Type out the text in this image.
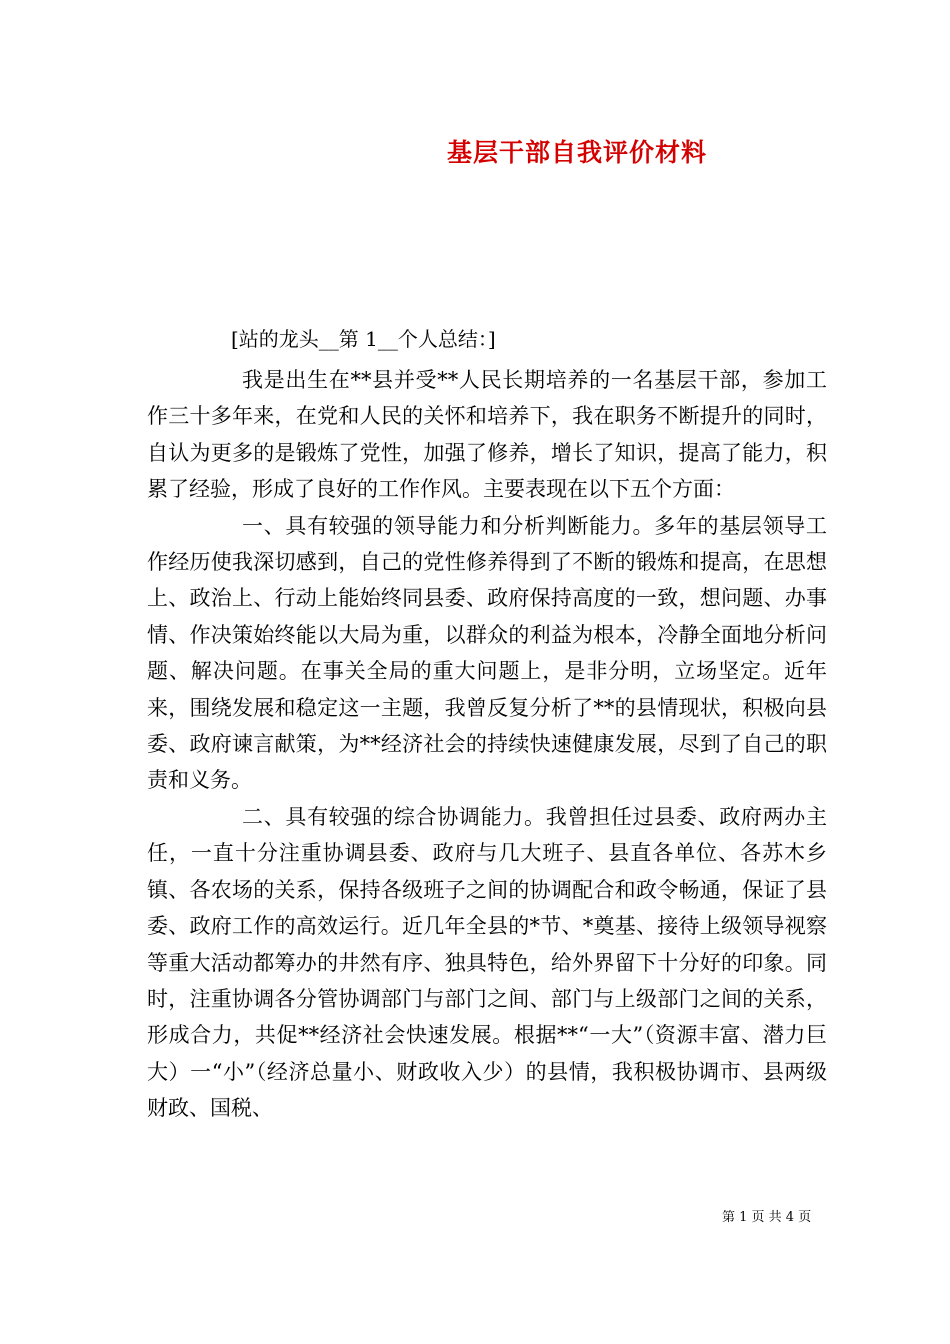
基层干部自我评价材料
[站的龙头__第 1__个人总结：]

我是出生在**县并受**人民长期培养的一名基层干部，参加工作三十多年来，在党和人民的关怀和培养下，我在职务不断提升的同时，自认为更多的是锻炼了党性，加强了修养，增长了知识，提高了能力，积累了经验，形成了良好的工作作风。主要表现在以下五个方面：

一、具有较强的领导能力和分析判断能力。多年的基层领导工作经历使我深切感到，自己的党性修养得到了不断的锻炼和提高，在思想上、政治上、行动上能始终同县委、政府保持高度的一致，想问题、办事情、作决策始终能以大局为重，以群众的利益为根本，冷静全面地分析问题、解决问题。在事关全局的重大问题上，是非分明，立场坚定。近年来，围绕发展和稳定这一主题，我曾反复分析了**的县情现状，积极向县委、政府谏言献策，为**经济社会的持续快速健康发展，尽到了自己的职责和义务。

二、具有较强的综合协调能力。我曾担任过县委、政府两办主任，一直十分注重协调县委、政府与几大班子、县直各单位、各苏木乡镇、各农场的关系，保持各级班子之间的协调配合和政令畅通，保证了县委、政府工作的高效运行。近几年全县的*节、*奠基、接待上级领导视察等重大活动都筹办的井然有序、独具特色，给外界留下十分好的印象。同时，注重协调各分管协调部门与部门之间、部门与上级部门之间的关系，形成合力，共促**经济社会快速发展。根据**“一大”（资源丰富、潜力巨大）一“小”（经济总量小、财政收入少）的县情，我积极协调市、县两级财政、国税、

第 1 页 共 4 页
